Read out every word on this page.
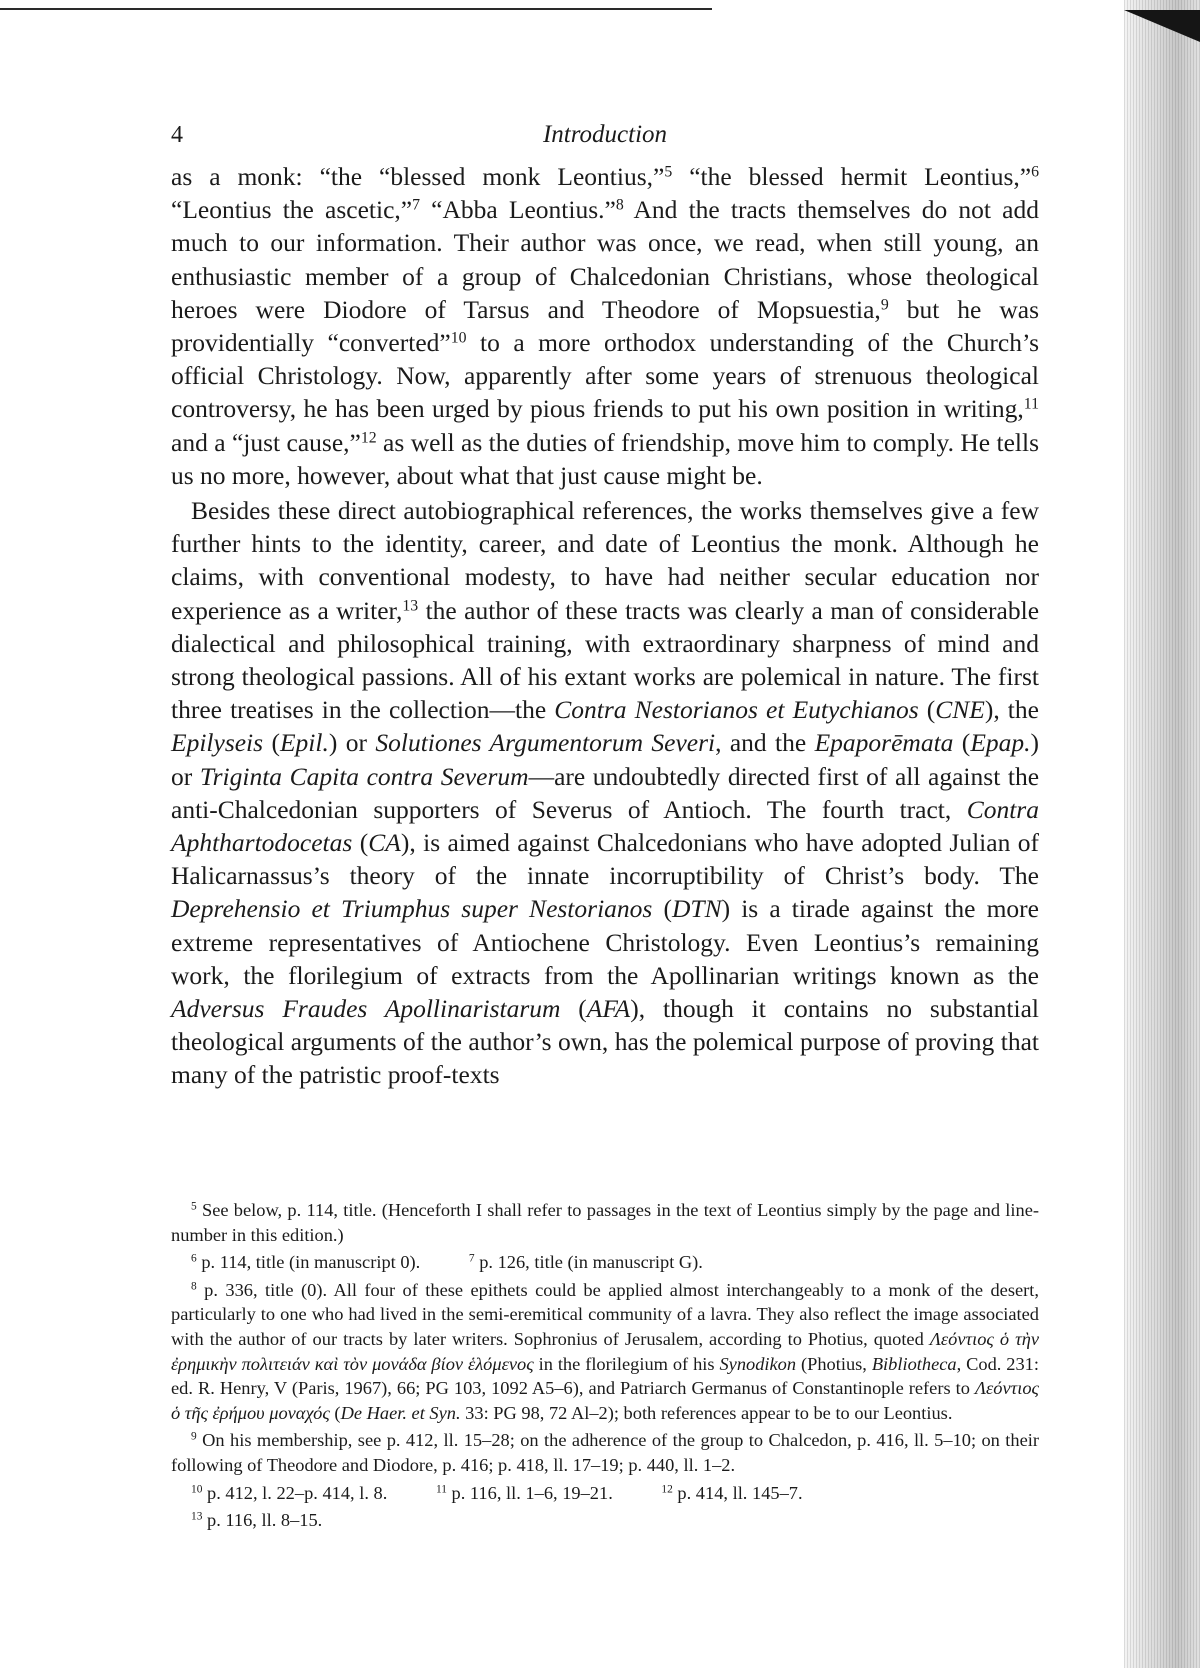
4	Introduction

as a monk: “the “blessed monk Leontius,”$^5$ “the blessed hermit Leontius,”$^6$ “Leontius the ascetic,”$^7$ “Abba Leontius.”$^8$ And the tracts themselves do not add much to our information. Their author was once, we read, when still young, an enthusiastic member of a group of Chalcedonian Christians, whose theological heroes were Diodore of Tarsus and Theodore of Mopsuestia,$^9$ but he was providentially “converted”$^{10}$ to a more orthodox understanding of the Church’s official Christology. Now, apparently after some years of strenuous theological controversy, he has been urged by pious friends to put his own position in writing,$^{11}$ and a “just cause,”$^{12}$ as well as the duties of friendship, move him to comply. He tells us no more, however, about what that just cause might be.

Besides these direct autobiographical references, the works themselves give a few further hints to the identity, career, and date of Leontius the monk. Although he claims, with conventional modesty, to have had neither secular education nor experience as a writer,$^{13}$ the author of these tracts was clearly a man of considerable dialectical and philosophical training, with extraordinary sharpness of mind and strong theological passions. All of his extant works are polemical in nature. The first three treatises in the collection—the Contra Nestorianos et Eutychianos (CNE), the Epilyseis (Epil.) or Solutiones Argumentorum Severi, and the Epaporēmata (Epap.) or Triginta Capita contra Severum—are undoubtedly directed first of all against the anti-Chalcedonian supporters of Severus of Antioch. The fourth tract, Contra Aphthartodocetas (CA), is aimed against Chalcedonians who have adopted Julian of Halicarnassus’s theory of the innate incorruptibility of Christ’s body. The Deprehensio et Triumphus super Nestorianos (DTN) is a tirade against the more extreme representatives of Antiochene Christology. Even Leontius’s remaining work, the florilegium of extracts from the Apollinarian writings known as the Adversus Fraudes Apollinaristarum (AFA), though it contains no substantial theological arguments of the author’s own, has the polemical purpose of proving that many of the patristic proof-texts

$^5$ See below, p. 114, title. (Henceforth I shall refer to passages in the text of Leontius simply by the page and line-number in this edition.)

$^6$ p. 114, title (in manuscript 0).	$^7$ p. 126, title (in manuscript G).

$^8$ p. 336, title (0). All four of these epithets could be applied almost interchangeably to a monk of the desert, particularly to one who had lived in the semi-eremitical community of a lavra. They also reflect the image associated with the author of our tracts by later writers. Sophronius of Jerusalem, according to Photius, quoted Λεόντιος ὁ τὴν ἐρημικὴν πολιτειάν καὶ τὸν μονάδα βίον ἑλόμενος in the florilegium of his Synodikon (Photius, Bibliotheca, Cod. 231: ed. R. Henry, V (Paris, 1967), 66; PG 103, 1092 A5–6), and Patriarch Germanus of Constantinople refers to Λεόντιος ὁ τῆς ἐρήμου μοναχός (De Haer. et Syn. 33: PG 98, 72 Al–2); both references appear to be to our Leontius.

$^9$ On his membership, see p. 412, ll. 15–28; on the adherence of the group to Chalcedon, p. 416, ll. 5–10; on their following of Theodore and Diodore, p. 416; p. 418, ll. 17–19; p. 440, ll. 1–2.

$^{10}$ p. 412, l. 22–p. 414, l. 8.	$^{11}$ p. 116, ll. 1–6, 19–21.	$^{12}$ p. 414, ll. 145–7.

$^{13}$ p. 116, ll. 8–15.
